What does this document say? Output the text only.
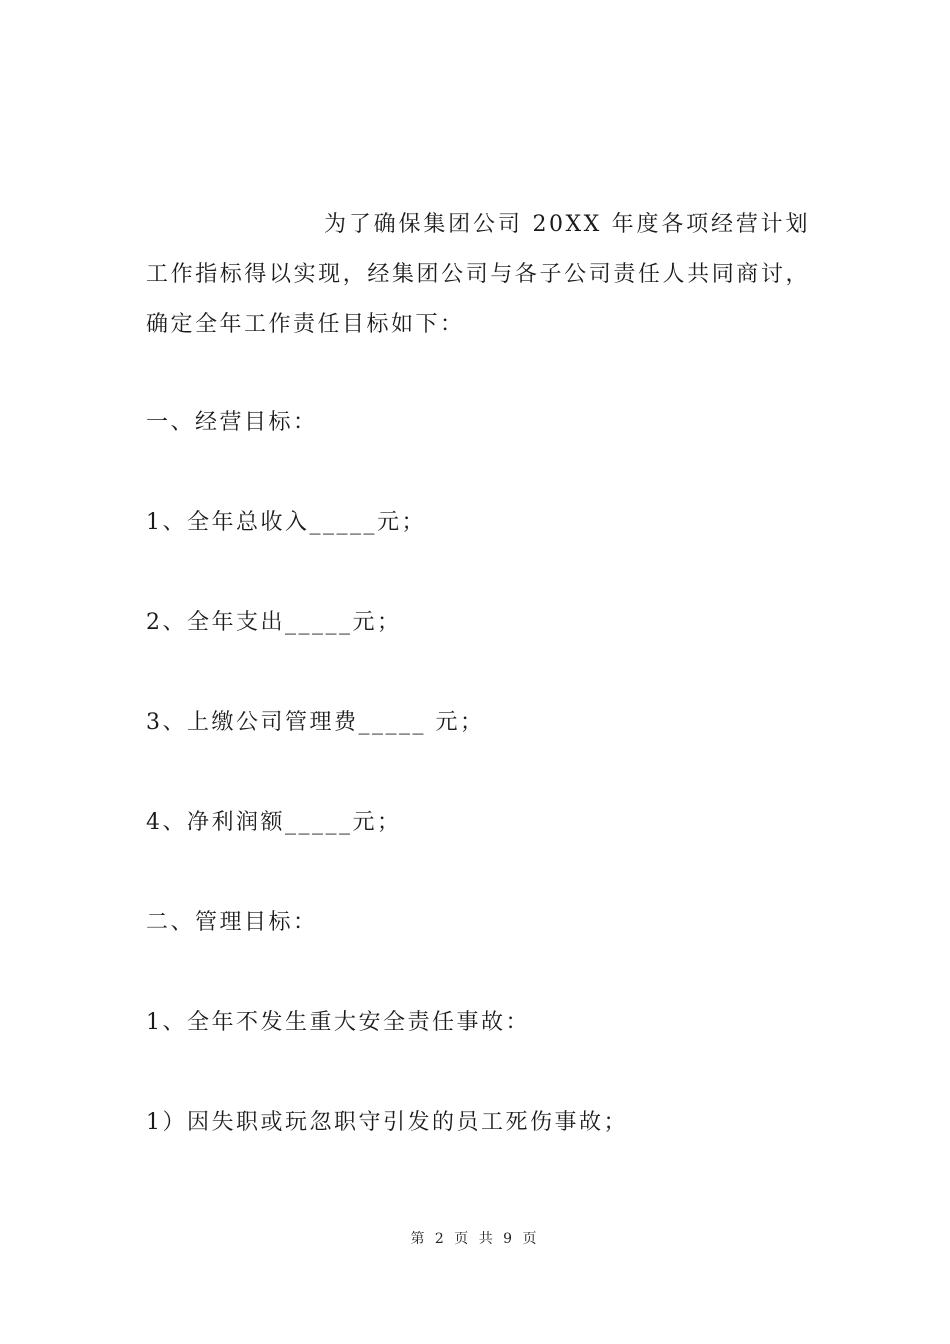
为了确保集团公司 20XX 年度各项经营计划工作指标得以实现，经集团公司与各子公司责任人共同商讨，确定全年工作责任目标如下：

一、经营目标：

1、全年总收入_____元；

2、全年支出_____元；

3、上缴公司管理费_____ 元；

4、净利润额_____元；

二、管理目标：

1、全年不发生重大安全责任事故：

1）因失职或玩忽职守引发的员工死伤事故；

第 2 页 共 9 页
